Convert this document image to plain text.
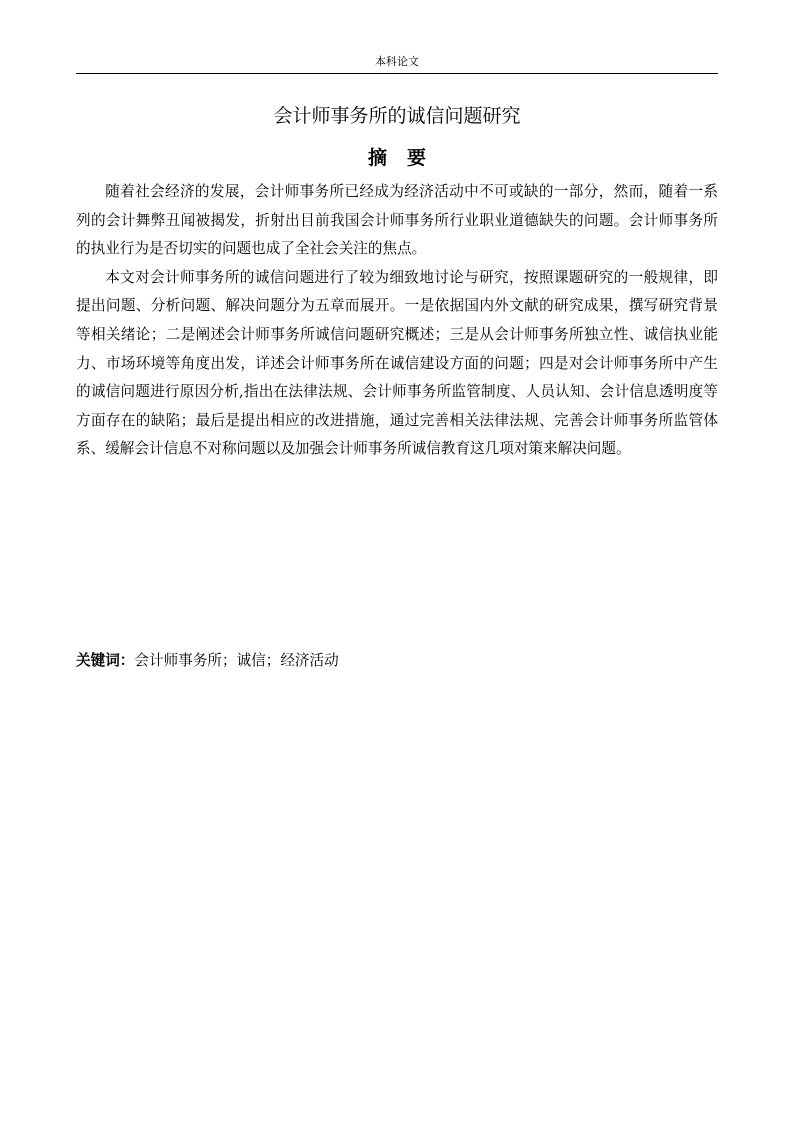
本科论文
会计师事务所的诚信问题研究
摘要

随着社会经济的发展，会计师事务所已经成为经济活动中不可或缺的一部分，然而，随着一系列的会计舞弊丑闻被揭发，折射出目前我国会计师事务所行业职业道德缺失的问题。会计师事务所的执业行为是否切实的问题也成了全社会关注的焦点。

本文对会计师事务所的诚信问题进行了较为细致地讨论与研究，按照课题研究的一般规律，即提出问题、分析问题、解决问题分为五章而展开。一是依据国内外文献的研究成果，撰写研究背景等相关绪论；二是阐述会计师事务所诚信问题研究概述；三是从会计师事务所独立性、诚信执业能力、市场环境等角度出发，详述会计师事务所在诚信建设方面的问题；四是对会计师事务所中产生的诚信问题进行原因分析,指出在法律法规、会计师事务所监管制度、人员认知、会计信息透明度等方面存在的缺陷；最后是提出相应的改进措施，通过完善相关法律法规、完善会计师事务所监管体系、缓解会计信息不对称问题以及加强会计师事务所诚信教育这几项对策来解决问题。

关键词：会计师事务所；诚信；经济活动
